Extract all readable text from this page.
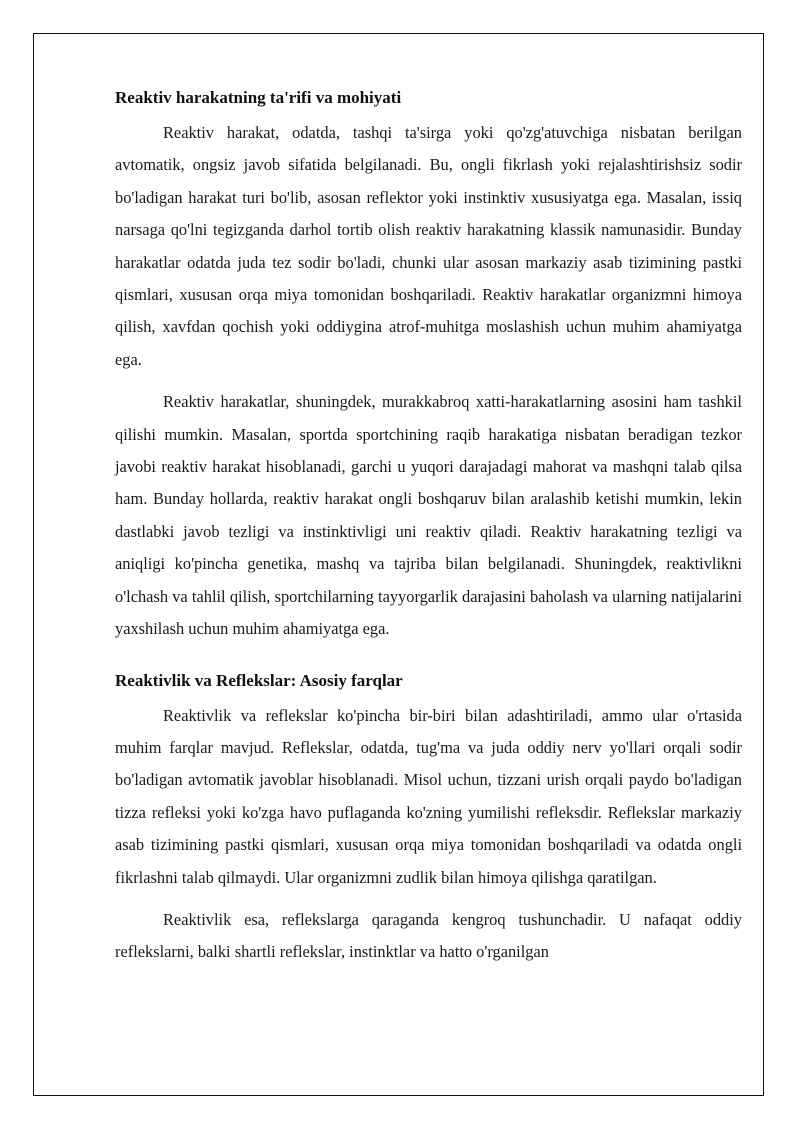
Reaktiv harakatning ta'rifi va mohiyati

Reaktiv harakat, odatda, tashqi ta'sirga yoki qo'zg'atuvchiga nisbatan berilgan avtomatik, ongsiz javob sifatida belgilanadi. Bu, ongli fikrlash yoki rejalashtirishsiz sodir bo'ladigan harakat turi bo'lib, asosan reflektor yoki instinktiv xususiyatga ega. Masalan, issiq narsaga qo'lni tegizganda darhol tortib olish reaktiv harakatning klassik namunasidir. Bunday harakatlar odatda juda tez sodir bo'ladi, chunki ular asosan markaziy asab tizimining pastki qismlari, xususan orqa miya tomonidan boshqariladi. Reaktiv harakatlar organizmni himoya qilish, xavfdan qochish yoki oddiygina atrof-muhitga moslashish uchun muhim ahamiyatga ega.

Reaktiv harakatlar, shuningdek, murakkabroq xatti-harakatlarning asosini ham tashkil qilishi mumkin. Masalan, sportda sportchining raqib harakatiga nisbatan beradigan tezkor javobi reaktiv harakat hisoblanadi, garchi u yuqori darajadagi mahorat va mashqni talab qilsa ham. Bunday hollarda, reaktiv harakat ongli boshqaruv bilan aralashib ketishi mumkin, lekin dastlabki javob tezligi va instinktivligi uni reaktiv qiladi. Reaktiv harakatning tezligi va aniqligi ko'pincha genetika, mashq va tajriba bilan belgilanadi. Shuningdek, reaktivlikni o'lchash va tahlil qilish, sportchilarning tayyorgarlik darajasini baholash va ularning natijalarini yaxshilash uchun muhim ahamiyatga ega.

Reaktivlik va Reflekslar: Asosiy farqlar

Reaktivlik va reflekslar ko'pincha bir-biri bilan adashtiriladi, ammo ular o'rtasida muhim farqlar mavjud. Reflekslar, odatda, tug'ma va juda oddiy nerv yo'llari orqali sodir bo'ladigan avtomatik javoblar hisoblanadi. Misol uchun, tizzani urish orqali paydo bo'ladigan tizza refleksi yoki ko'zga havo puflaganda ko'zning yumilishi refleksdir. Reflekslar markaziy asab tizimining pastki qismlari, xususan orqa miya tomonidan boshqariladi va odatda ongli fikrlashni talab qilmaydi. Ular organizmni zudlik bilan himoya qilishga qaratilgan.

Reaktivlik esa, reflekslarga qaraganda kengroq tushunchadir. U nafaqat oddiy reflekslarni, balki shartli reflekslar, instinktlar va hatto o'rganilgan
